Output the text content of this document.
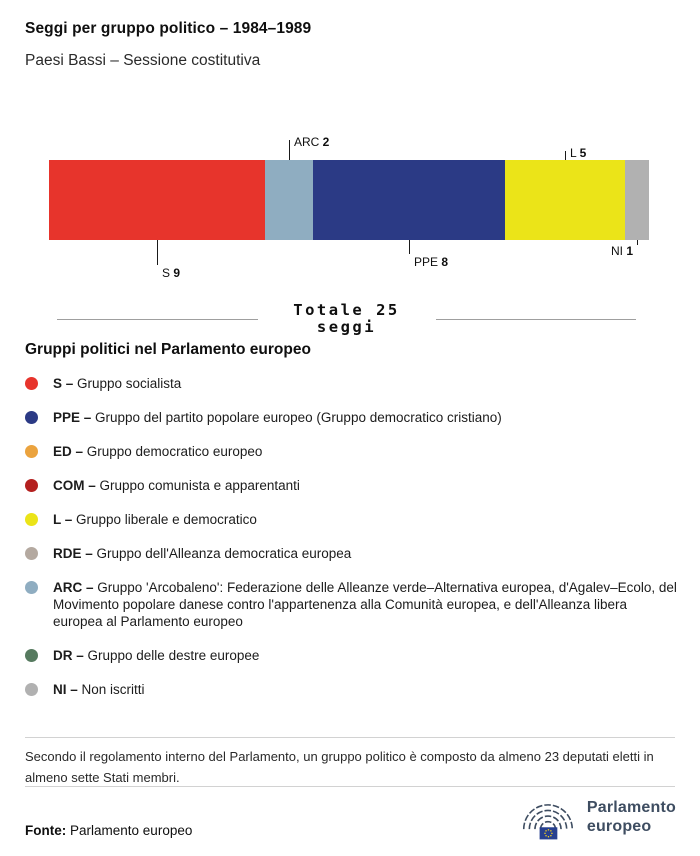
Seggi per gruppo politico – 1984–1989
Paesi Bassi – Sessione costitutiva
ARC 2
L 5
S 9
PPE 8
NI 1
Totale 25
seggi
Gruppi politici nel Parlamento europeo
S – Gruppo socialista
PPE – Gruppo del partito popolare europeo (Gruppo democratico cristiano)
ED – Gruppo democratico europeo
COM – Gruppo comunista e apparentanti
L – Gruppo liberale e democratico
RDE – Gruppo dell'Alleanza democratica europea
ARC – Gruppo 'Arcobaleno': Federazione delle Alleanze verde–Alternativa europea, d'Agalev–Ecolo, del Movimento popolare danese contro l'appartenenza alla Comunità europea, e dell'Alleanza libera europea al Parlamento europeo
DR – Gruppo delle destre europee
NI – Non iscritti
Secondo il regolamento interno del Parlamento, un gruppo politico è composto da almeno 23 deputati eletti in almeno sette Stati membri.
Fonte: Parlamento europeo
Parlamento
europeo
